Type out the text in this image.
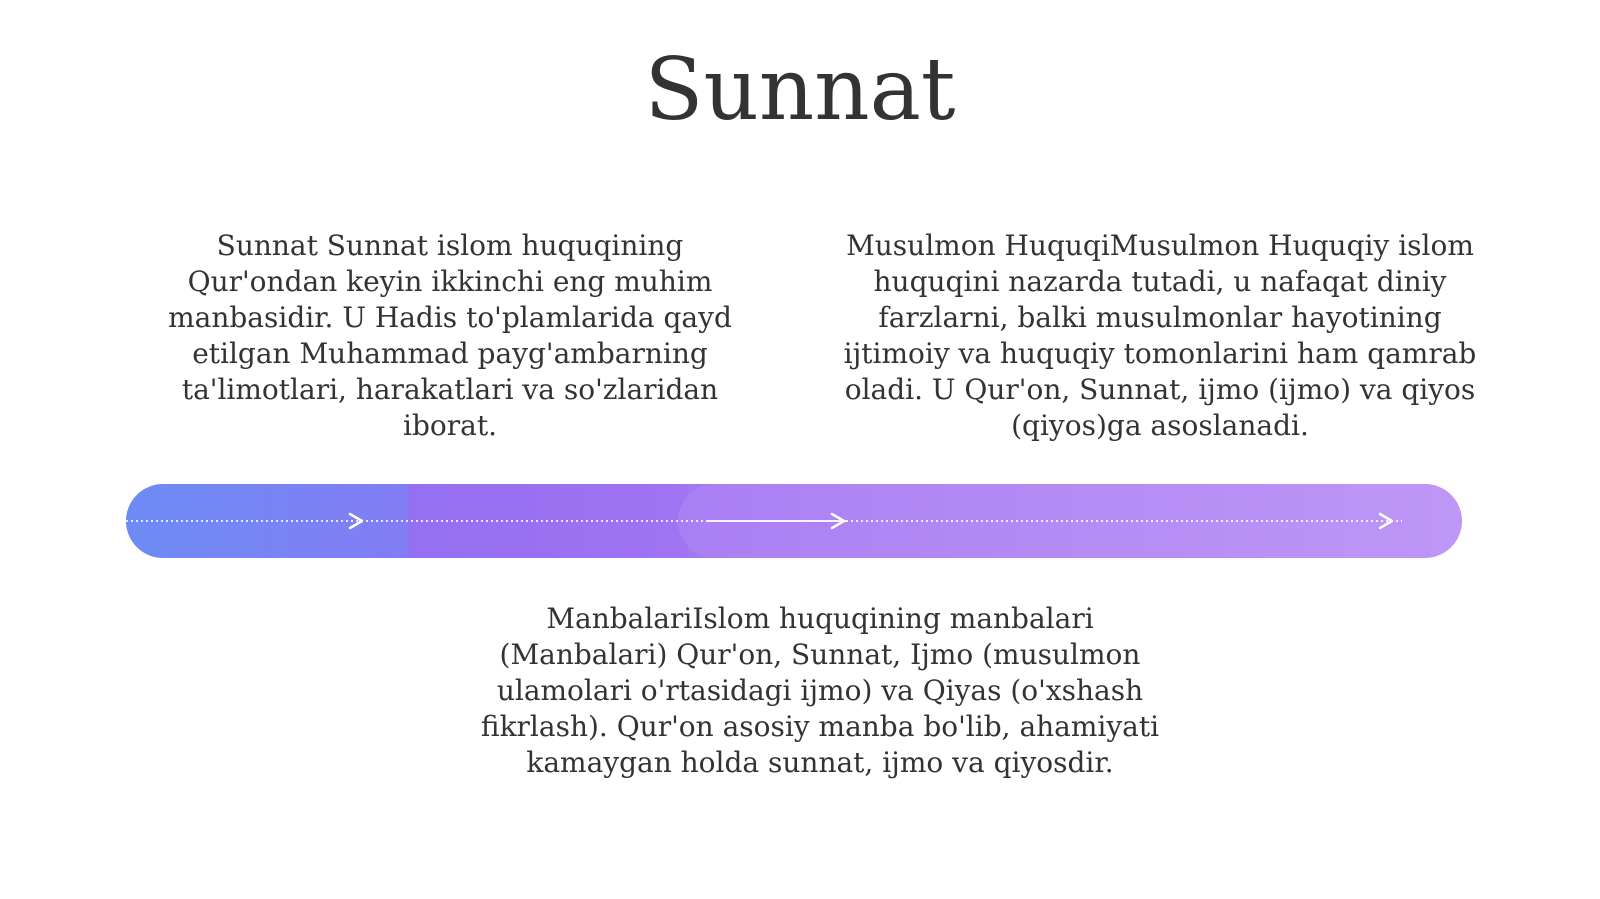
Sunnat

Sunnat Sunnat islom huquqining Qur'ondan keyin ikkinchi eng muhim manbasidir. U Hadis to'plamlarida qayd etilgan Muhammad payg'ambarning ta'limotlari, harakatlari va so'zlaridan iborat.

Musulmon HuquqiMusulmon Huquqiy islom huquqini nazarda tutadi, u nafaqat diniy farzlarni, balki musulmonlar hayotining ijtimoiy va huquqiy tomonlarini ham qamrab oladi. U Qur'on, Sunnat, ijmo (ijmo) va qiyos (qiyos)ga asoslanadi.

ManbalariIslom huquqining manbalari (Manbalari) Qur'on, Sunnat, Ijmo (musulmon ulamolari o'rtasidagi ijmo) va Qiyas (o'xshash fikrlash). Qur'on asosiy manba bo'lib, ahamiyati kamaygan holda sunnat, ijmo va qiyosdir.
